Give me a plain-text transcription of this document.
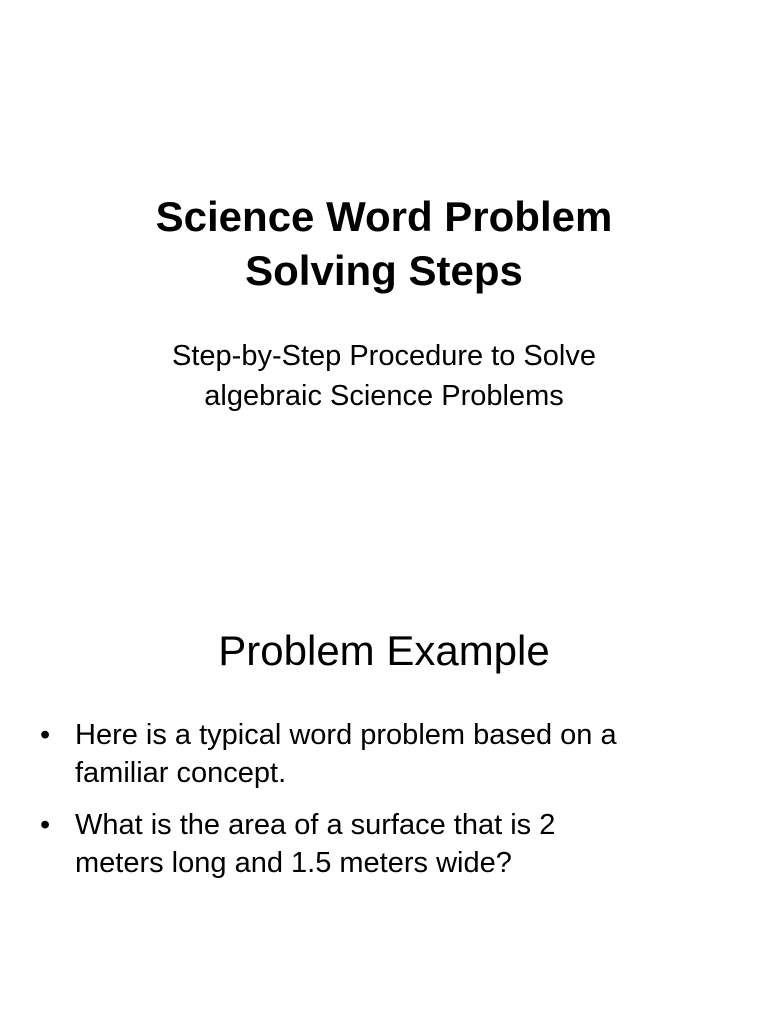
Science Word Problem
Solving Steps
Step-by-Step Procedure to Solve
algebraic Science Problems
Problem Example
• Here is a typical word problem based on a
familiar concept.
• What is the area of a surface that is 2
meters long and 1.5 meters wide?
